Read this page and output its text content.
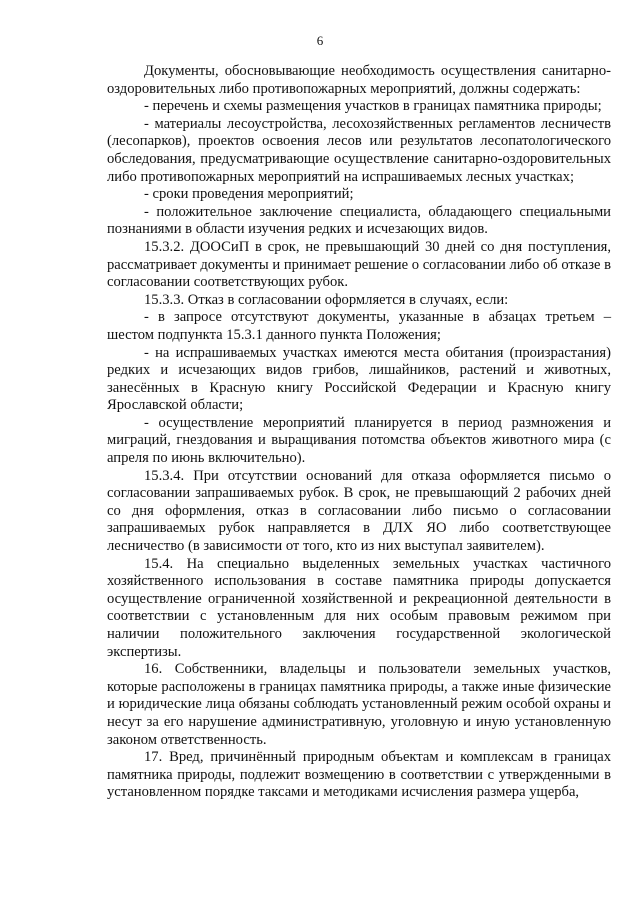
6

Документы, обосновывающие необходимость осуществления санитарно-оздоровительных либо противопожарных мероприятий, должны содержать:

- перечень и схемы размещения участков в границах памятника природы;

- материалы лесоустройства, лесохозяйственных регламентов лесничеств (лесопарков), проектов освоения лесов или результатов лесопатологического обследования, предусматривающие осуществление санитарно-оздоровительных либо противопожарных мероприятий на испрашиваемых лесных участках;

- сроки проведения мероприятий;

- положительное заключение специалиста, обладающего специальными познаниями в области изучения редких и исчезающих видов.

15.3.2. ДООСиП в срок, не превышающий 30 дней со дня поступления, рассматривает документы и принимает решение о согласовании либо об отказе в согласовании соответствующих рубок.

15.3.3. Отказ в согласовании оформляется в случаях, если:

- в запросе отсутствуют документы, указанные в абзацах третьем – шестом подпункта 15.3.1 данного пункта Положения;

- на испрашиваемых участках имеются места обитания (произрастания) редких и исчезающих видов грибов, лишайников, растений и животных, занесённых в Красную книгу Российской Федерации и Красную книгу Ярославской области;

- осуществление мероприятий планируется в период размножения и миграций, гнездования и выращивания потомства объектов животного мира (с апреля по июнь включительно).

15.3.4. При отсутствии оснований для отказа оформляется письмо о согласовании запрашиваемых рубок. В срок, не превышающий 2 рабочих дней со дня оформления, отказ в согласовании либо письмо о согласовании запрашиваемых рубок направляется в ДЛХ ЯО либо соответствующее лесничество (в зависимости от того, кто из них выступал заявителем).

15.4. На специально выделенных земельных участках частичного хозяйственного использования в составе памятника природы допускается осуществление ограниченной хозяйственной и рекреационной деятельности в соответствии с установленным для них особым правовым режимом при наличии положительного заключения государственной экологической экспертизы.

16. Собственники, владельцы и пользователи земельных участков, которые расположены в границах памятника природы, а также иные физические и юридические лица обязаны соблюдать установленный режим особой охраны и несут за его нарушение административную, уголовную и иную установленную законом ответственность.

17. Вред, причинённый природным объектам и комплексам в границах памятника природы, подлежит возмещению в соответствии с утвержденными в установленном порядке таксами и методиками исчисления размера ущерба,
